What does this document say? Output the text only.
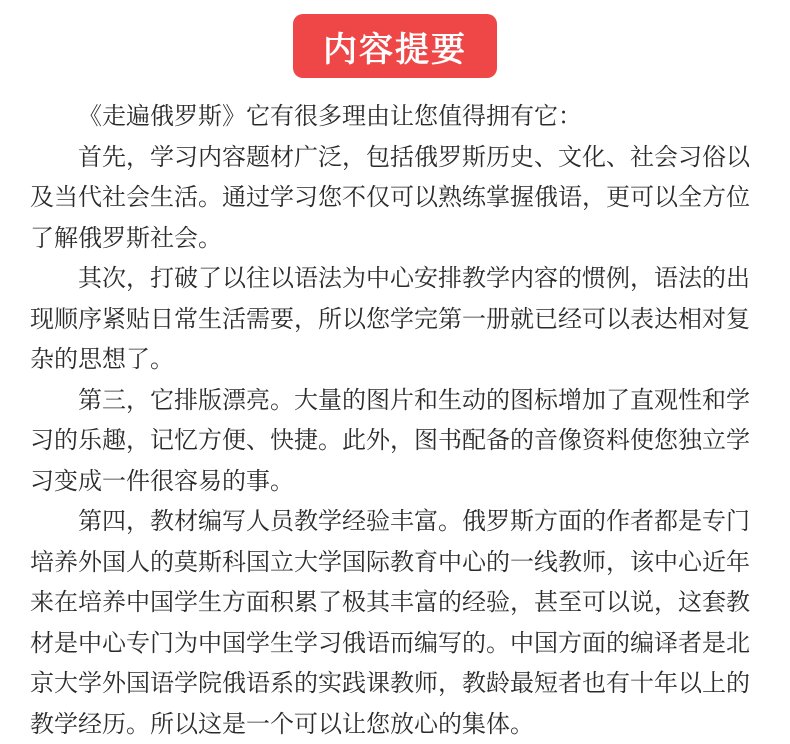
内容提要

《走遍俄罗斯》它有很多理由让您值得拥有它：

首先，学习内容题材广泛，包括俄罗斯历史、文化、社会习俗以及当代社会生活。通过学习您不仅可以熟练掌握俄语，更可以全方位了解俄罗斯社会。

其次，打破了以往以语法为中心安排教学内容的惯例，语法的出现顺序紧贴日常生活需要，所以您学完第一册就已经可以表达相对复杂的思想了。

第三，它排版漂亮。大量的图片和生动的图标增加了直观性和学习的乐趣，记忆方便、快捷。此外，图书配备的音像资料使您独立学习变成一件很容易的事。

第四，教材编写人员教学经验丰富。俄罗斯方面的作者都是专门培养外国人的莫斯科国立大学国际教育中心的一线教师，该中心近年来在培养中国学生方面积累了极其丰富的经验，甚至可以说，这套教材是中心专门为中国学生学习俄语而编写的。中国方面的编译者是北京大学外国语学院俄语系的实践课教师，教龄最短者也有十年以上的教学经历。所以这是一个可以让您放心的集体。
